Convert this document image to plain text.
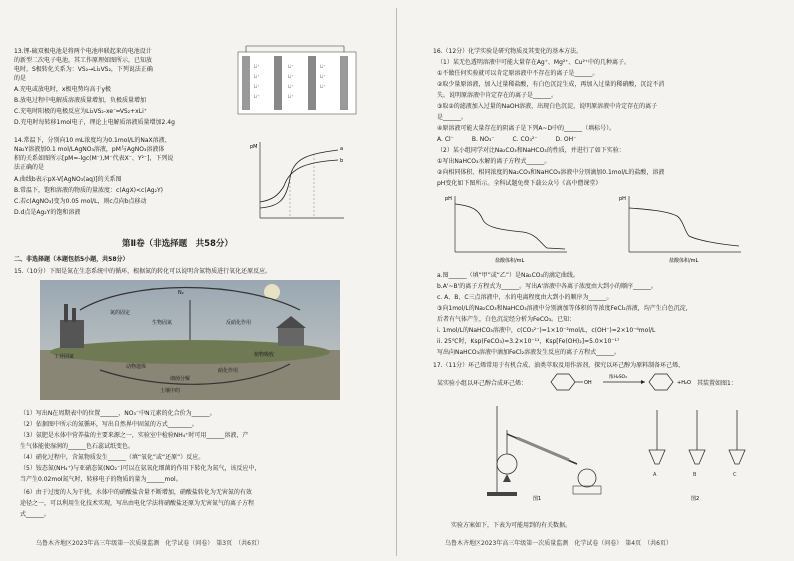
13.锂-硫双极电池是将两个电池串联起来的电池设计
的新型二次电子电池，其工作原理如图所示，已知放
电时，S极转化关系为：VS₂→Li₂VS₂，下列说法正确
的是
A.充电或放电时，x极电势均高于y极
B.放电过程中电解质溶液质量增加，负极质量增加
C.充电时阳极的电极反应为Li₂VS₂-xe⁻═VS₂+xLi⁺
D.充电时每转移1mol电子，理论上电解质溶液质量增加2.4g
Li⁺
Li⁺
Li⁺
Li⁺
Li⁺
Li⁺
Li⁺
Li⁺
Li⁺
Li⁺
Li⁺
14.常温下，分别向10 mL浓度均为0.1mol/L的NaX溶液、
Na₂Y溶液加0.1 mol/LAgNO₃溶液，pM与AgNO₃溶液体
积的关系如图所示[pM=-lgc(M⁻),M⁻代表X⁻、Y²⁻]，下列说
法正确的是
A.曲线b表示pX-V[AgNO₃(aq)]的关系图
B.常温下，饱和溶液的物质的量浓度：c(AgX)<c(Ag₂Y)
C.若c(AgNO₃)变为0.05 mol/L，则c点向b点移动
D.d点是Ag₂Y的饱和溶液
a
b
pM
第Ⅱ卷（非选择题　共58分）
二、非选择题（本题包括5小题，共58分）
15.（10分）下图是氮在生态系统中的循环，根据氮的转化可以说明含氮物质进行氧化还原反应。
N₂
氮的固定
生物固氮	反硝化作用
工业固氮
动物遗体
细菌分解
硝化作用
植物吸收
土壤中的
（1）写出N在周期表中的位置______，NO₃⁻中N元素的化合价为______。
（2）依据图中所示的氮循环，写出自然界中固氮的方式________。
（3）氨肥是水体中营养盐的主要来源之一，实验室中检验NH₄⁺时可用______溶液，产
生气体能使湿润的______色石蕊试纸变色。
（4）硝化过程中，含氮物质发生______（填“氧化”或“还原”）反应。
（5）铵态氮(NH₄⁺)与亚硝态氮(NO₂⁻)可以在氨氧化细菌的作用下转化为氮气，该反应中，
当产生0.02mol氮气时，转移电子的物质的量为______mol。
（6）由于过度的人为干扰，水体中的硝酸盐含量不断增加，硝酸盐转化为无害氮的有效
途径之一，可以利用生化技术实现，写出由电化学法将硝酸盐还原为无害氮气的离子方程
式______。
乌鲁木齐地区2023年高三年级第一次质量监测　化学试卷（问卷）　第3页　（共6页）
16.（12分）化学实验是研究物质及其变化的基本方法。
（1）某无色透明溶液中可能大量存在Ag⁺、Mg²⁺、Cu²⁺中的几种离子。
①不做任何实验就可以肯定原溶液中不存在的离子是______。
②取少量原溶液，加入过量稀盐酸，有白色沉淀生成，再加入过量的稀硝酸，沉淀不消
失。说明原溶液中肯定存在的离子是______。
③取②的滤液加入过量的NaOH溶液，出现白色沉淀，说明原溶液中肯定存在的离子
是______。
④原溶液可能大量存在的阴离子是下列A~D中的______（填标号）。
A. Cl⁻　　　B. NO₃⁻　　　C. CO₃²⁻　　　D. OH⁻
（2）某小组同学对比Na₂CO₃和NaHCO₃的性质，并进行了如下实验：
①写出NaHCO₃水解的离子方程式______。
②向相同体积、相同浓度的Na₂CO₃和NaHCO₃溶液中分别滴加0.1mol/L的盐酸，溶液
pH变化如下图所示。全科试题免费下载公众号《高中僧课堂》
pH
盐酸体积/mL
pH
盐酸体积/mL
a.图______（填“甲”或“乙”）是Na₂CO₃的滴定曲线。
b.A'~B'的离子方程式为______。写出A'溶液中各离子浓度由大到小的顺序______。
c. A、B、C三点溶液中，水的电离程度由大到小的顺序为______。
③向1mol/L的Na₂CO₃和NaHCO₃溶液中分别滴加等体积的等浓度FeCl₂溶液，均产生白色沉淀，
后者有气体产生，白色沉淀经分析为FeCO₃。已知：
i. 1mol/L的NaHCO₃溶液中，c(CO₃²⁻)=1×10⁻²mol/L，c(OH⁻)=2×10⁻⁶mol/L
ii. 25℃时，Ksp(FeCO₃)=3.2×10⁻¹¹，Ksp[Fe(OH)₂]=5.0×10⁻¹⁷
写出向NaHCO₃溶液中滴加FeCl₂溶液发生反应的离子方程式______。
17.（11分）环己烯常用于有机合成、油类萃取及用作溶剂，探究以环己醇为原料制备环己烯，
某实验小组以环己醇合成环己烯：	其装置如图1：
OH
浓H₂SO₄
+H₂O
图1
A	B	C
图2
实验方案如下，下表为可能用到的有关数据。
乌鲁木齐地区2023年高三年级第一次质量监测　化学试卷（问卷）　第4页　（共6页）
